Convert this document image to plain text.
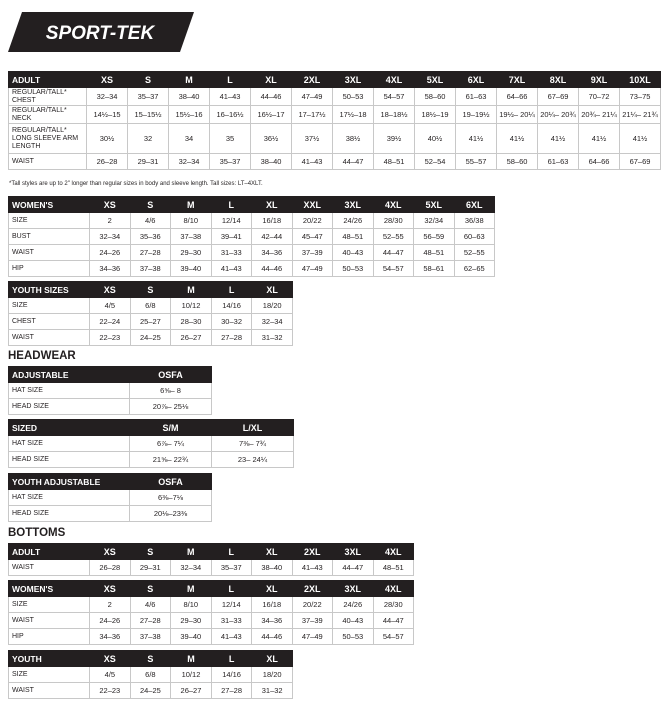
SPORT-TEK
ADULT	XS	S	M	L	XL	2XL	3XL	4XL	5XL	6XL	7XL	8XL	9XL	10XL
REGULAR/TALL* CHEST	32–34	35–37	38–40	41–43	44–46	47–49	50–53	54–57	58–60	61–63	64–66	67–69	70–72	73–75
REGULAR/TALL* NECK	14½–15	15–15½	15½–16	16–16½	16½–17	17–17½	17½–18	18–18½	18½–19	19–19½	19½– 20¼	20¼– 20¾	20¾– 21¼	21¼– 21¾
REGULAR/TALL* LONG SLEEVE ARM LENGTH	30½	32	34	35	36½	37½	38½	39½	40½	41½	41½	41½	41½	41½
WAIST	26–28	29–31	32–34	35–37	38–40	41–43	44–47	48–51	52–54	55–57	58–60	61–63	64–66	67–69
*Tall styles are up to 2" longer than regular sizes in body and sleeve length. Tall sizes: LT–4XLT.
WOMEN'S	XS	S	M	L	XL	XXL	3XL	4XL	5XL	6XL
SIZE	2	4/6	8/10	12/14	16/18	20/22	24/26	28/30	32/34	36/38
BUST	32–34	35–36	37–38	39–41	42–44	45–47	48–51	52–55	56–59	60–63
WAIST	24–26	27–28	29–30	31–33	34–36	37–39	40–43	44–47	48–51	52–55
HIP	34–36	37–38	39–40	41–43	44–46	47–49	50–53	54–57	58–61	62–65
YOUTH SIZES	XS	S	M	L	XL
SIZE	4/5	6/8	10/12	14/16	18/20
CHEST	22–24	25–27	28–30	30–32	32–34
WAIST	22–23	24–25	26–27	27–28	31–32
HEADWEAR
ADJUSTABLE	OSFA
HAT SIZE	6⅝– 8
HEAD SIZE	20⅞– 25⅛
SIZED	S/M	L/XL
HAT SIZE	6⅞– 7¼	7⅜– 7¾
HEAD SIZE	21⅝– 22¾	23– 24¼
YOUTH ADJUSTABLE	OSFA
HAT SIZE	6⅜–7⅛
HEAD SIZE	20⅛–23⅜
BOTTOMS
ADULT	XS	S	M	L	XL	2XL	3XL	4XL
WAIST	26–28	29–31	32–34	35–37	38–40	41–43	44–47	48–51
WOMEN'S	XS	S	M	L	XL	2XL	3XL	4XL
SIZE	2	4/6	8/10	12/14	16/18	20/22	24/26	28/30
WAIST	24–26	27–28	29–30	31–33	34–36	37–39	40–43	44–47
HIP	34–36	37–38	39–40	41–43	44–46	47–49	50–53	54–57
YOUTH	XS	S	M	L	XL
SIZE	4/5	6/8	10/12	14/16	18/20
WAIST	22–23	24–25	26–27	27–28	31–32
